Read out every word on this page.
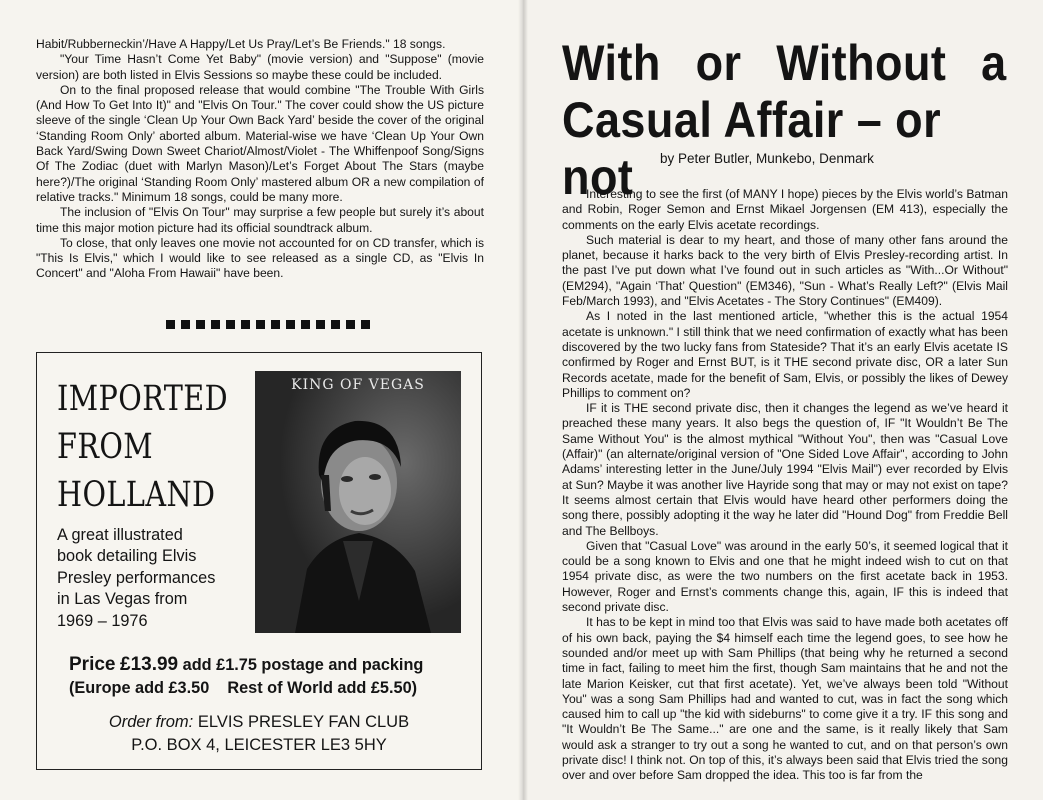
Habit/Rubberneckin’/Have A Happy/Let Us Pray/Let’s Be Friends." 18 songs.

"Your Time Hasn’t Come Yet Baby" (movie version) and "Suppose" (movie version) are both listed in Elvis Sessions so maybe these could be included.

On to the final proposed release that would combine "The Trouble With Girls (And How To Get Into It)" and "Elvis On Tour." The cover could show the US picture sleeve of the single ‘Clean Up Your Own Back Yard’ beside the cover of the original ‘Standing Room Only’ aborted album. Material-wise we have ‘Clean Up Your Own Back Yard/Swing Down Sweet Chariot/Almost/Violet - The Whiffenpoof Song/Signs Of The Zodiac (duet with Marlyn Mason)/Let’s Forget About The Stars (maybe here?)/The original ‘Standing Room Only’ mastered album OR a new compilation of relative tracks." Minimum 18 songs, could be many more.

The inclusion of "Elvis On Tour" may surprise a few people but surely it’s about time this major motion picture had its official soundtrack album.

To close, that only leaves one movie not accounted for on CD transfer, which is "This Is Elvis," which I would like to see released as a single CD, as "Elvis In Concert" and "Aloha From Hawaii" have been.

IMPORTED
FROM
HOLLAND
A great illustrated
book detailing Elvis
Presley performances
in Las Vegas from
1969 – 1976
KING OF VEGAS
Price £13.99 add £1.75 postage and packing
(Europe add £3.50 Rest of World add £5.50)
Order from: ELVIS PRESLEY FAN CLUB
P.O. BOX 4, LEICESTER LE3 5HY
With or Without a
Casual Affair – or not	by Peter Butler, Munkebo, Denmark

Interesting to see the first (of MANY I hope) pieces by the Elvis world’s Batman and Robin, Roger Semon and Ernst Mikael Jorgensen (EM 413), especially the comments on the early Elvis acetate recordings.

Such material is dear to my heart, and those of many other fans around the planet, because it harks back to the very birth of Elvis Presley-recording artist. In the past I’ve put down what I’ve found out in such articles as "With...Or Without" (EM294), "Again ‘That’ Question" (EM346), "Sun - What’s Really Left?" (Elvis Mail Feb/March 1993), and "Elvis Acetates - The Story Continues" (EM409).

As I noted in the last mentioned article, "whether this is the actual 1954 acetate is unknown." I still think that we need confirmation of exactly what has been discovered by the two lucky fans from Stateside? That it’s an early Elvis acetate IS confirmed by Roger and Ernst BUT, is it THE second private disc, OR a later Sun Records acetate, made for the benefit of Sam, Elvis, or possibly the likes of Dewey Phillips to comment on?

IF it is THE second private disc, then it changes the legend as we’ve heard it preached these many years. It also begs the question of, IF "It Wouldn’t Be The Same Without You" is the almost mythical "Without You", then was "Casual Love (Affair)" (an alternate/original version of "One Sided Love Affair", according to John Adams’ interesting letter in the June/July 1994 "Elvis Mail") ever recorded by Elvis at Sun? Maybe it was another live Hayride song that may or may not exist on tape? It seems almost certain that Elvis would have heard other performers doing the song there, possibly adopting it the way he later did "Hound Dog" from Freddie Bell and The Bellboys.

Given that "Casual Love" was around in the early 50’s, it seemed logical that it could be a song known to Elvis and one that he might indeed wish to cut on that 1954 private disc, as were the two numbers on the first acetate back in 1953. However, Roger and Ernst’s comments change this, again, IF this is indeed that second private disc.

It has to be kept in mind too that Elvis was said to have made both acetates off of his own back, paying the $4 himself each time the legend goes, to see how he sounded and/or meet up with Sam Phillips (that being why he returned a second time in fact, failing to meet him the first, though Sam maintains that he and not the late Marion Keisker, cut that first acetate). Yet, we’ve always been told "Without You" was a song Sam Phillips had and wanted to cut, was in fact the song which caused him to call up "the kid with sideburns" to come give it a try. IF this song and "It Wouldn’t Be The Same..." are one and the same, is it really likely that Sam would ask a stranger to try out a song he wanted to cut, and on that person’s own private disc! I think not. On top of this, it’s always been said that Elvis tried the song over and over before Sam dropped the idea. This too is far from the
